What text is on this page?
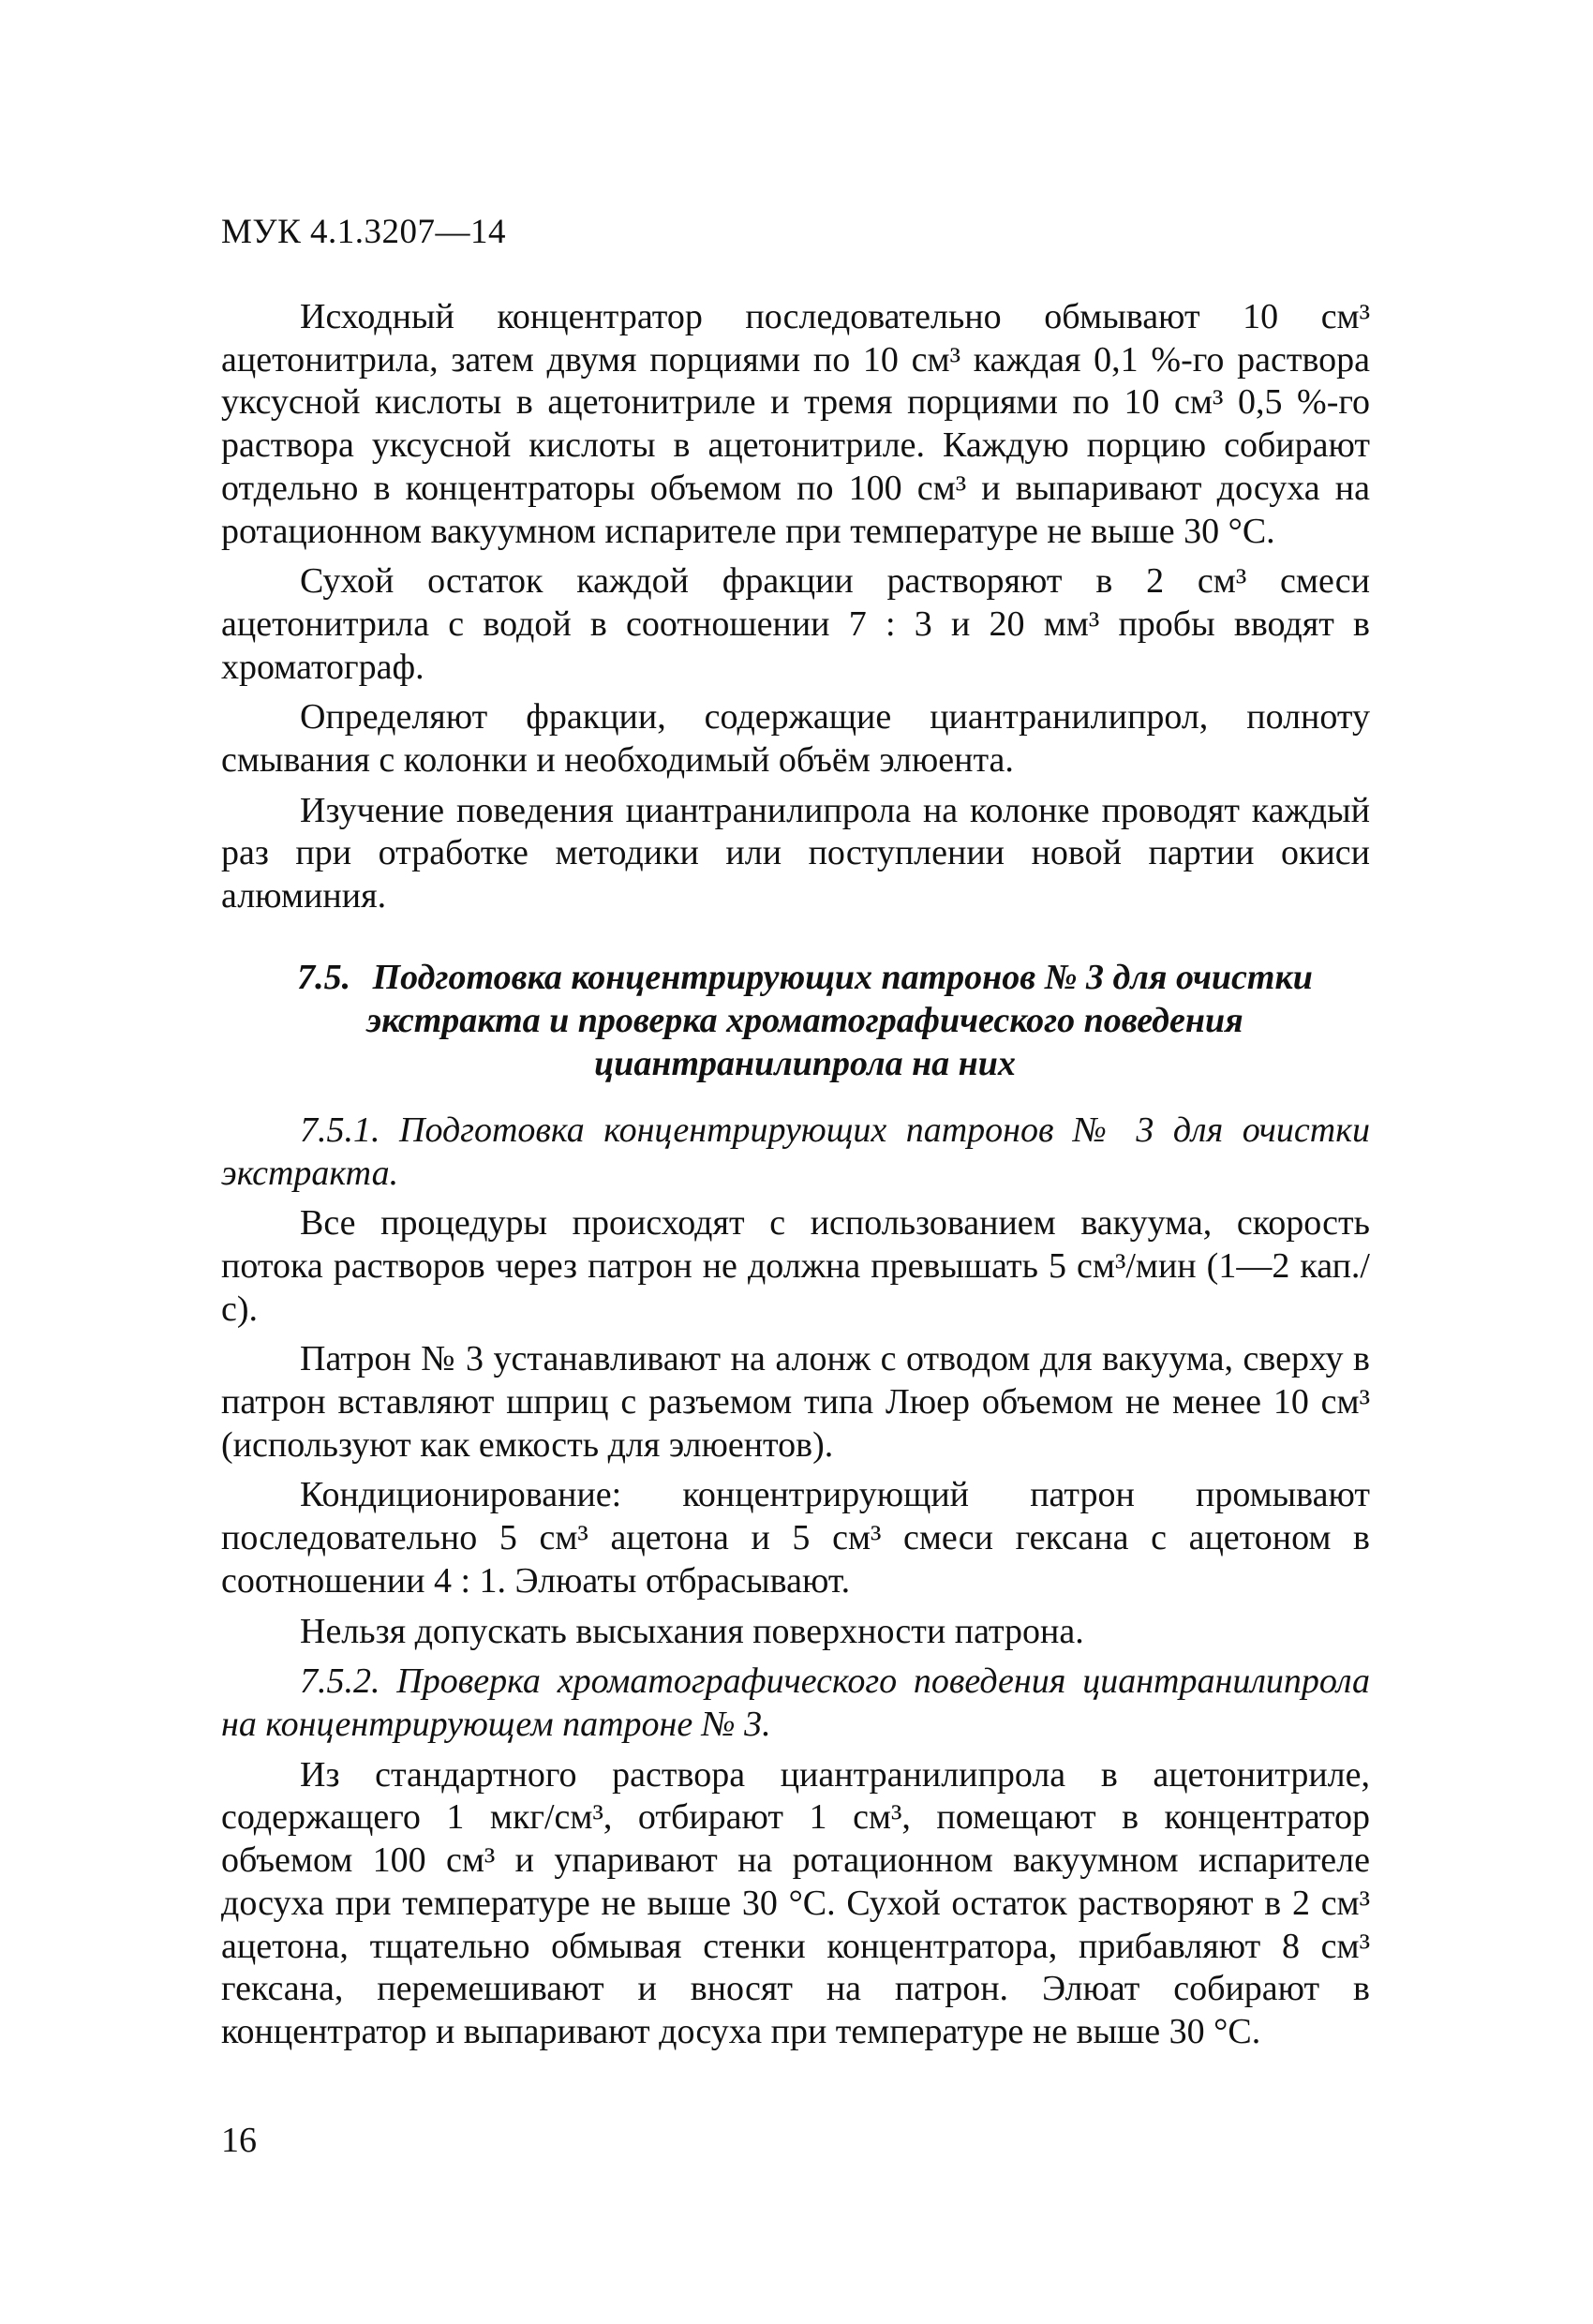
МУК 4.1.3207—14

Исходный концентратор последовательно обмывают 10 см³ ацетонитрила, затем двумя порциями по 10 см³ каждая 0,1 %-го раствора уксусной кислоты в ацетонитриле и тремя порциями по 10 см³ 0,5 %-го раствора уксусной кислоты в ацетонитриле. Каждую порцию собирают отдельно в концентраторы объемом по 100 см³ и выпаривают досуха на ротационном вакуумном испарителе при температуре не выше 30 °С.

Сухой остаток каждой фракции растворяют в 2 см³ смеси ацетонитрила с водой в соотношении 7 : 3 и 20 мм³ пробы вводят в хроматограф.

Определяют фракции, содержащие циантранилипрол, полноту смывания с колонки и необходимый объём элюента.

Изучение поведения циантранилипрола на колонке проводят каждый раз при отработке методики или поступлении новой партии окиси алюминия.

7.5. Подготовка концентрирующих патронов № 3 для очистки экстракта и проверка хроматографического поведения циантранилипрола на них

7.5.1. Подготовка концентрирующих патронов № 3 для очистки экстракта.

Все процедуры происходят с использованием вакуума, скорость потока растворов через патрон не должна превышать 5 см³/мин (1—2 кап./с).

Патрон № 3 устанавливают на алонж с отводом для вакуума, сверху в патрон вставляют шприц с разъемом типа Люер объемом не менее 10 см³ (используют как емкость для элюентов).

Кондиционирование: концентрирующий патрон промывают последовательно 5 см³ ацетона и 5 см³ смеси гексана с ацетоном в соотношении 4 : 1. Элюаты отбрасывают.

Нельзя допускать высыхания поверхности патрона.

7.5.2. Проверка хроматографического поведения циантранилипрола на концентрирующем патроне № 3.

Из стандартного раствора циантранилипрола в ацетонитриле, содержащего 1 мкг/см³, отбирают 1 см³, помещают в концентратор объемом 100 см³ и упаривают на ротационном вакуумном испарителе досуха при температуре не выше 30 °С. Сухой остаток растворяют в 2 см³ ацетона, тщательно обмывая стенки концентратора, прибавляют 8 см³ гексана, перемешивают и вносят на патрон. Элюат собирают в концентратор и выпаривают досуха при температуре не выше 30 °С.

16
